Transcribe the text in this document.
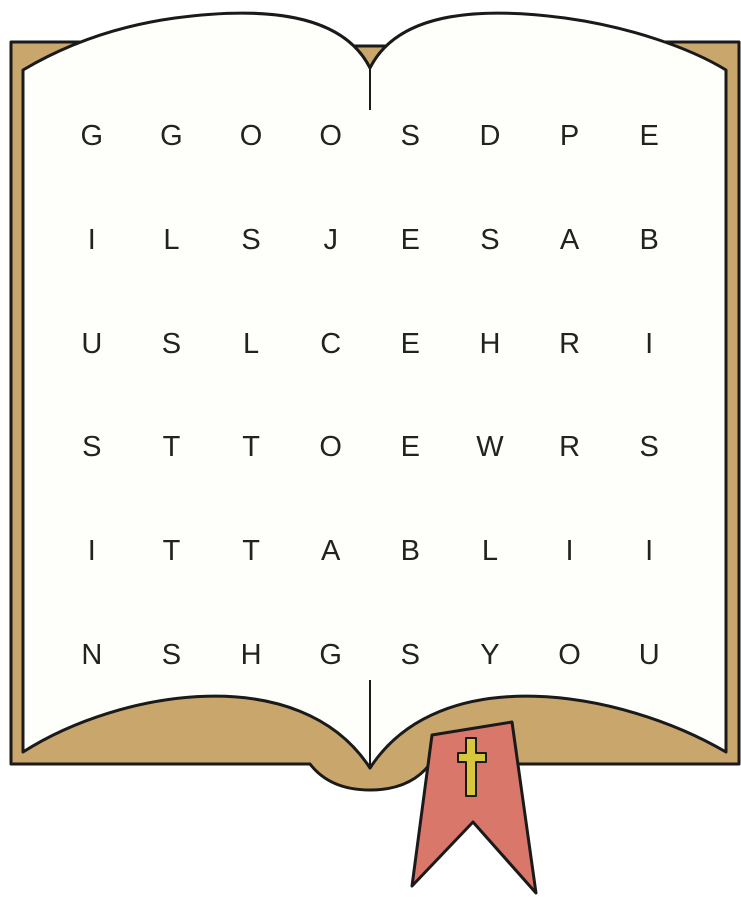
G	G	O	O	S	D	P	E
I	L	S	J	E	S	A	B
U	S	L	C	E	H	R	I
S	T	T	O	E	W	R	S
I	T	T	A	B	L	I	I
N	S	H	G	S	Y	O	U
